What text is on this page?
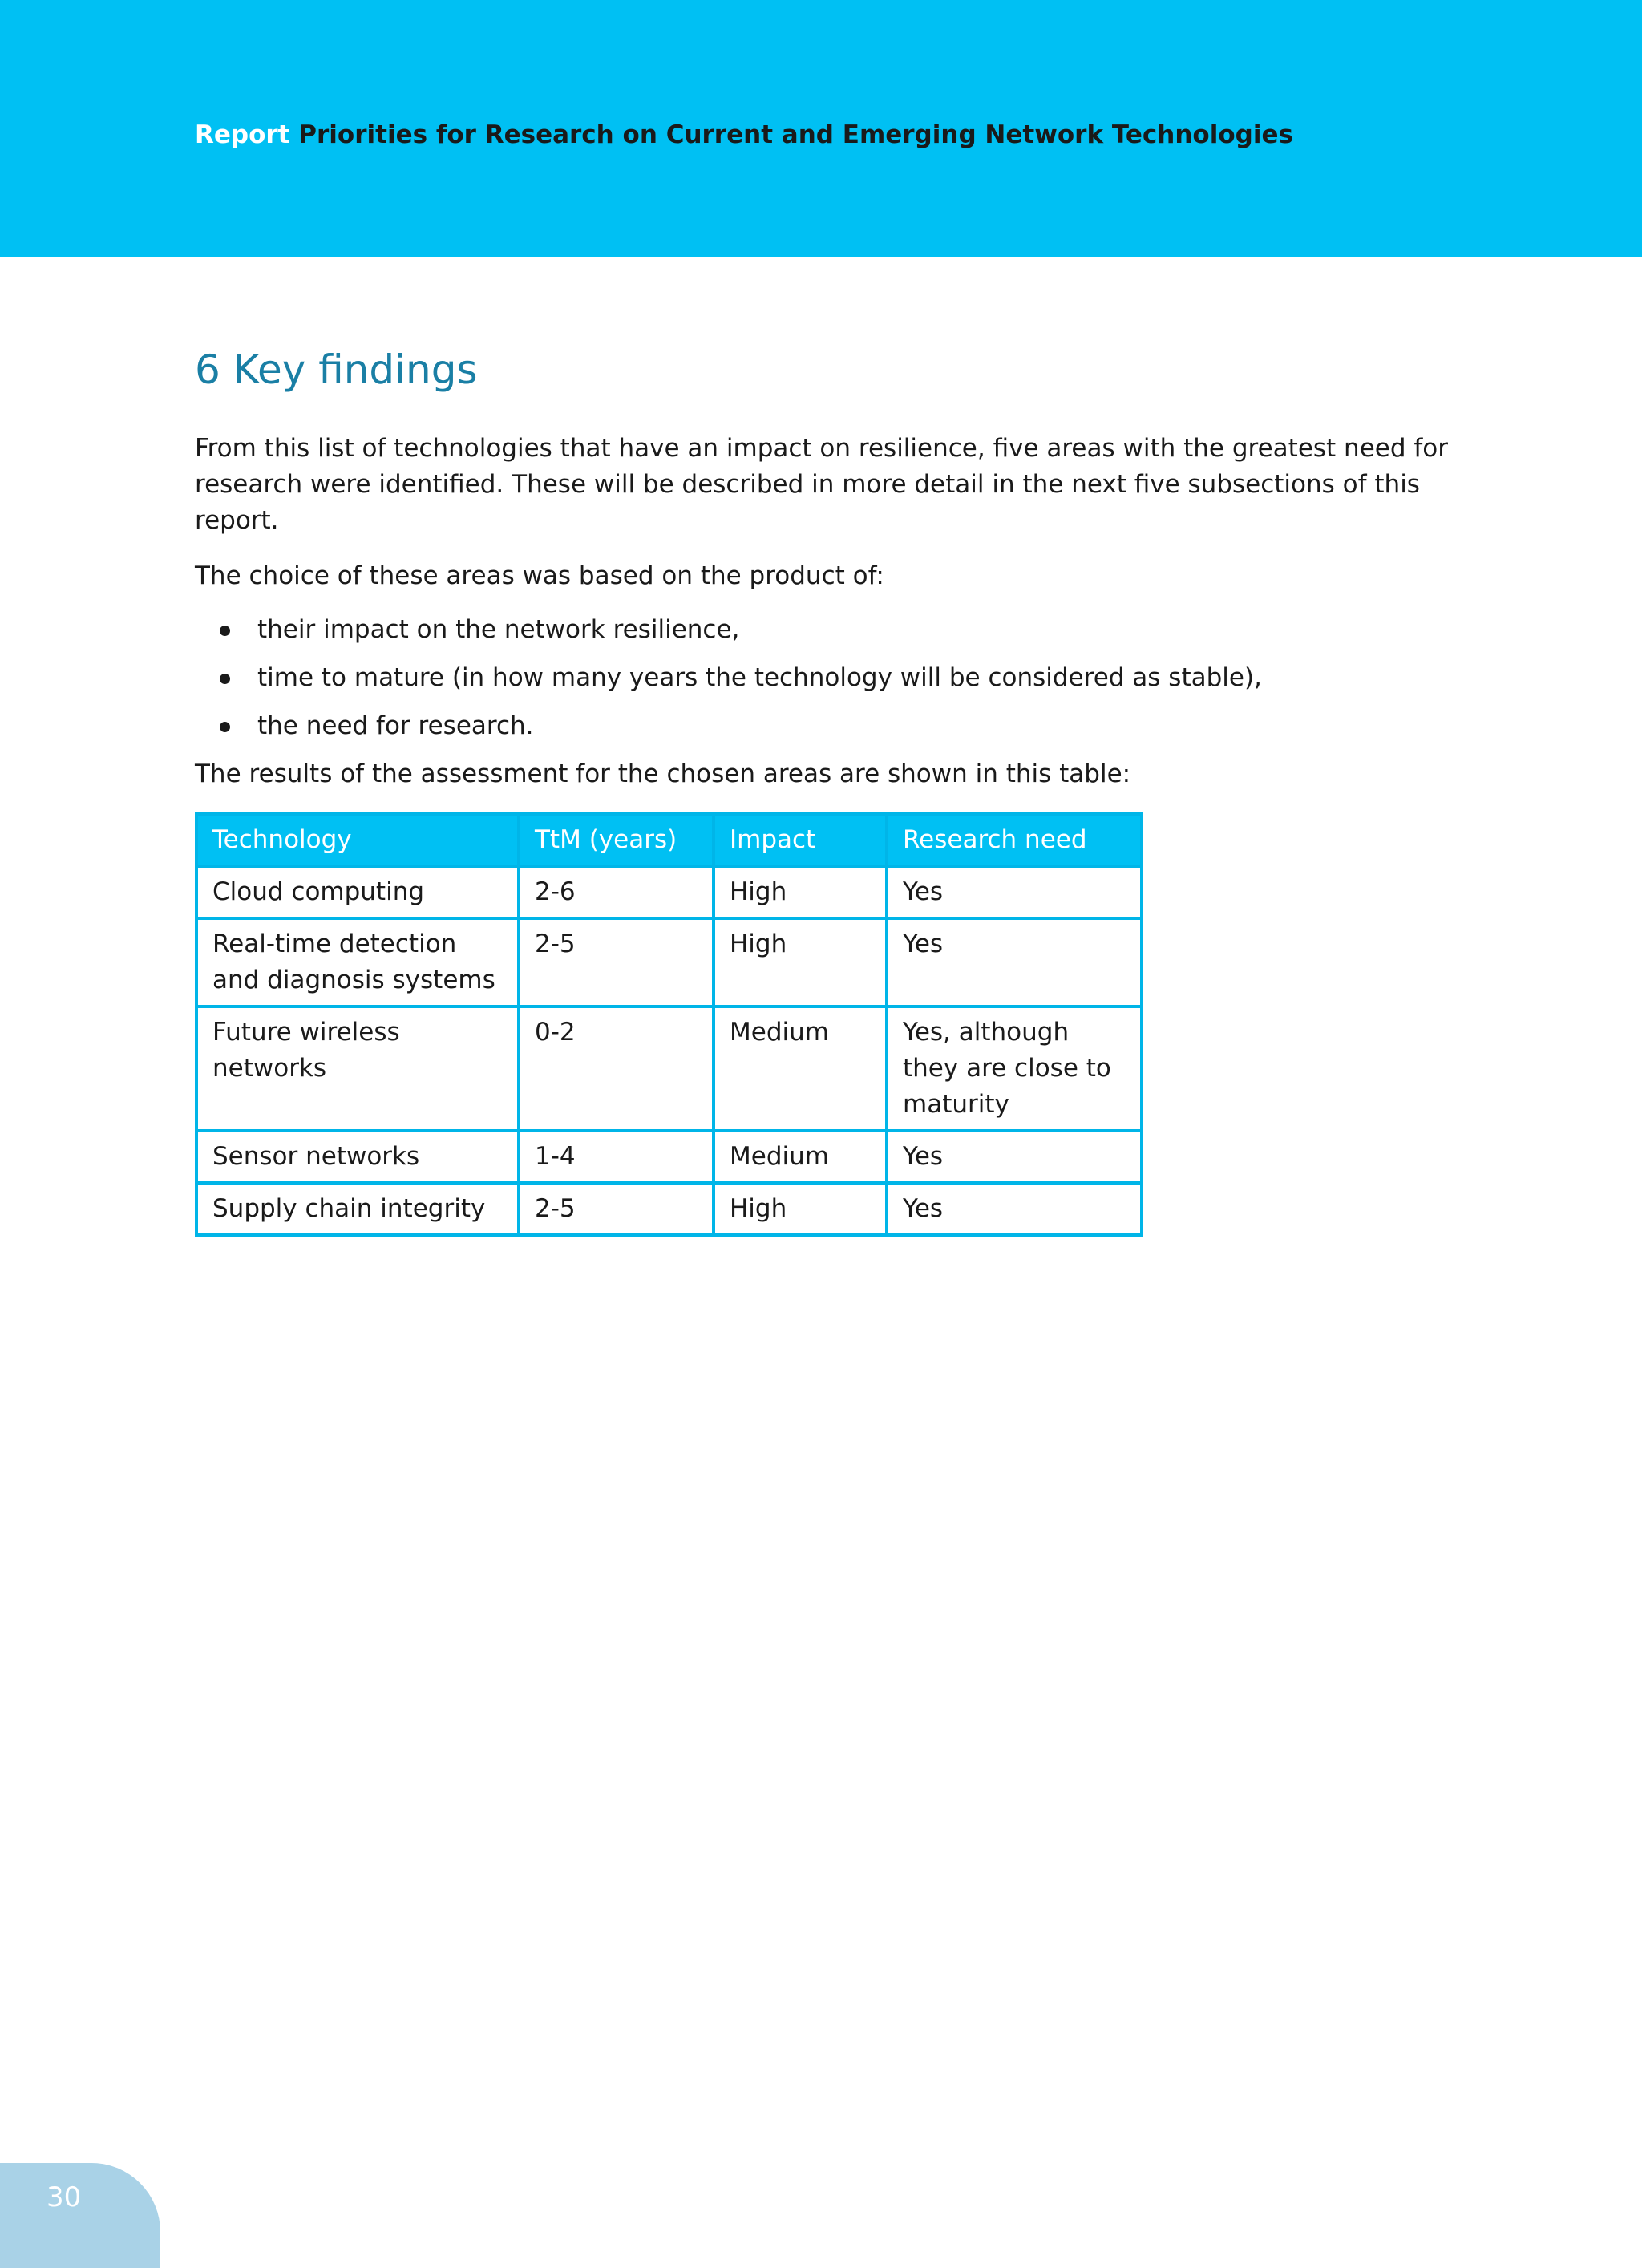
Report Priorities for Research on Current and Emerging Network Technologies
6 Key findings

From this list of technologies that have an impact on resilience, five areas with the greatest need for research were identified. These will be described in more detail in the next five subsections of this report.

The choice of these areas was based on the product of:

their impact on the network resilience,
time to mature (in how many years the technology will be considered as stable),
the need for research.

The results of the assessment for the chosen areas are shown in this table:

Technology	TtM (years)	Impact	Research need
Cloud computing	2-6	High	Yes
Real-time detection and diagnosis systems	2-5	High	Yes
Future wireless networks	0-2	Medium	Yes, although they are close to maturity
Sensor networks	1-4	Medium	Yes
Supply chain integrity	2-5	High	Yes
30
